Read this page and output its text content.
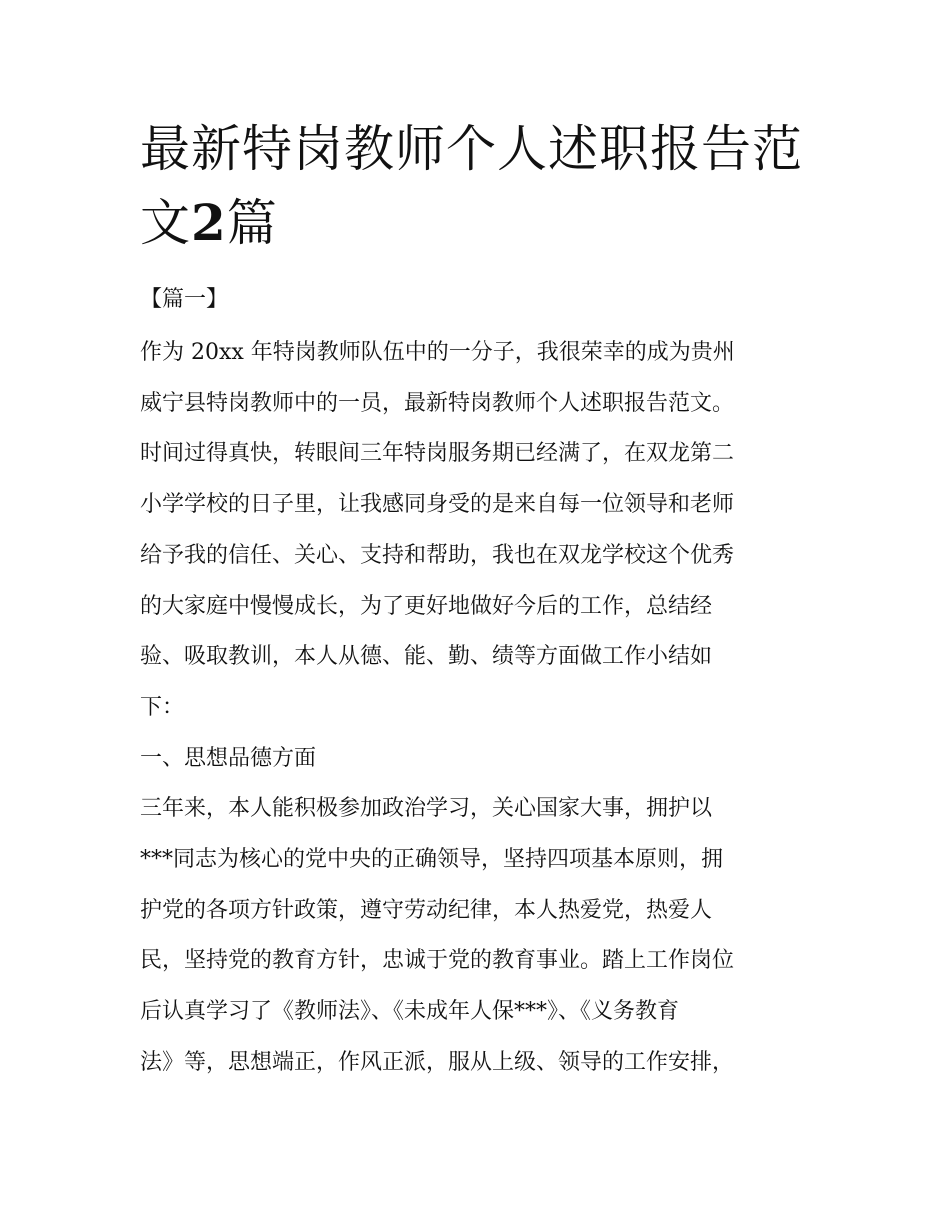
最新特岗教师个人述职报告范
文2篇

【篇一】

作为 20xx 年特岗教师队伍中的一分子，我很荣幸的成为贵州
威宁县特岗教师中的一员，最新特岗教师个人述职报告范文。
时间过得真快，转眼间三年特岗服务期已经满了，在双龙第二
小学学校的日子里，让我感同身受的是来自每一位领导和老师
给予我的信任、关心、支持和帮助，我也在双龙学校这个优秀
的大家庭中慢慢成长，为了更好地做好今后的工作，总结经
验、吸取教训，本人从德、能、勤、绩等方面做工作小结如
下：
一、思想品德方面
三年来，本人能积极参加政治学习，关心国家大事，拥护以
***同志为核心的党中央的正确领导，坚持四项基本原则，拥
护党的各项方针政策，遵守劳动纪律，本人热爱党，热爱人
民，坚持党的教育方针，忠诚于党的教育事业。踏上工作岗位
后认真学习了《教师法》、《未成年人保***》、《义务教育
法》等，思想端正，作风正派，服从上级、领导的工作安排，
